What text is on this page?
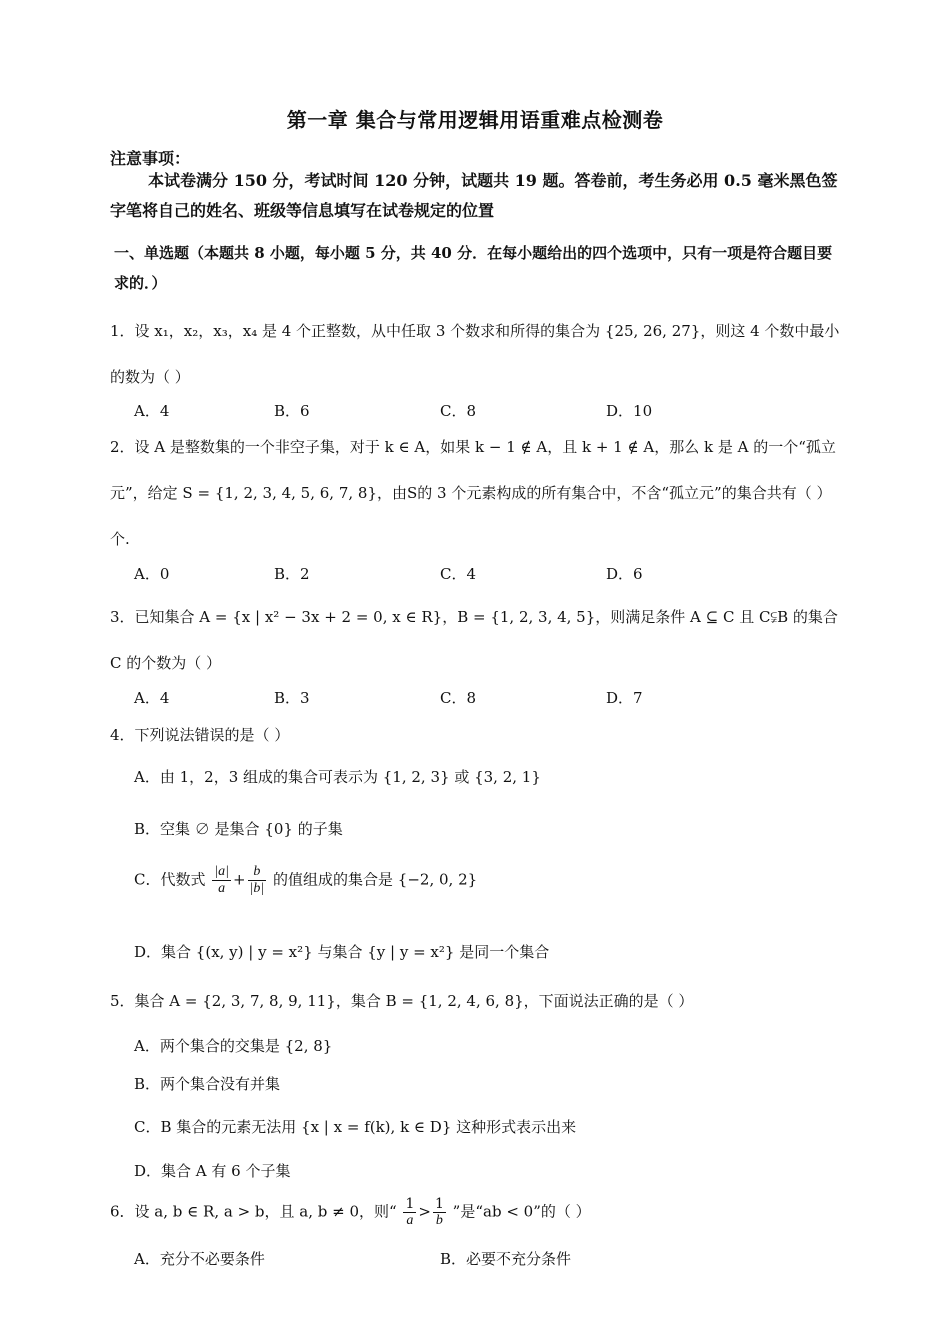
第一章 集合与常用逻辑用语重难点检测卷
注意事项：
本试卷满分 150 分，考试时间 120 分钟，试题共 19 题。答卷前，考生务必用 0.5 毫米黑色签字笔将自己的姓名、班级等信息填写在试卷规定的位置
一、单选题（本题共 8 小题，每小题 5 分，共 40 分．在每小题给出的四个选项中，只有一项是符合题目要求的．）
1．设 x₁，x₂，x₃，x₄ 是 4 个正整数，从中任取 3 个数求和所得的集合为 {25, 26, 27}，则这 4 个数中最小的数为（ ）
A．4	B．6	C．8	D．10
2．设 A 是整数集的一个非空子集，对于 k ∈ A，如果 k − 1 ∉ A，且 k + 1 ∉ A，那么 k 是 A 的一个“孤立元”，给定 S = {1, 2, 3, 4, 5, 6, 7, 8}，由S的 3 个元素构成的所有集合中，不含“孤立元”的集合共有（ ）个.
A．0	B．2	C．4	D．6
3．已知集合 A = {x | x² − 3x + 2 = 0, x ∈ R}，B = {1, 2, 3, 4, 5}，则满足条件 A ⊆ C 且 C⫋B 的集合 C 的个数为（ ）
A．4	B．3	C．8	D．7
4．下列说法错误的是（ ）
A．由 1，2，3 组成的集合可表示为 {1, 2, 3} 或 {3, 2, 1}
B．空集 ∅ 是集合 {0} 的子集
C．代数式 $\frac{|a|}{a} + \frac{b}{|b|}$ 的值组成的集合是 {−2, 0, 2}
D．集合 {(x, y) | y = x²} 与集合 {y | y = x²} 是同一个集合
5．集合 A = {2, 3, 7, 8, 9, 11}，集合 B = {1, 2, 4, 6, 8}，下面说法正确的是（ ）
A．两个集合的交集是 {2, 8}
B．两个集合没有并集
C．B 集合的元素无法用 {x | x = f(k), k ∈ D} 这种形式表示出来
D．集合 A 有 6 个子集
6．设 a, b ∈ R, a > b，且 a, b ≠ 0，则“ $\frac{1}{a} > \frac{1}{b}$ ”是“ab < 0”的（ ）
A．充分不必要条件	B．必要不充分条件
